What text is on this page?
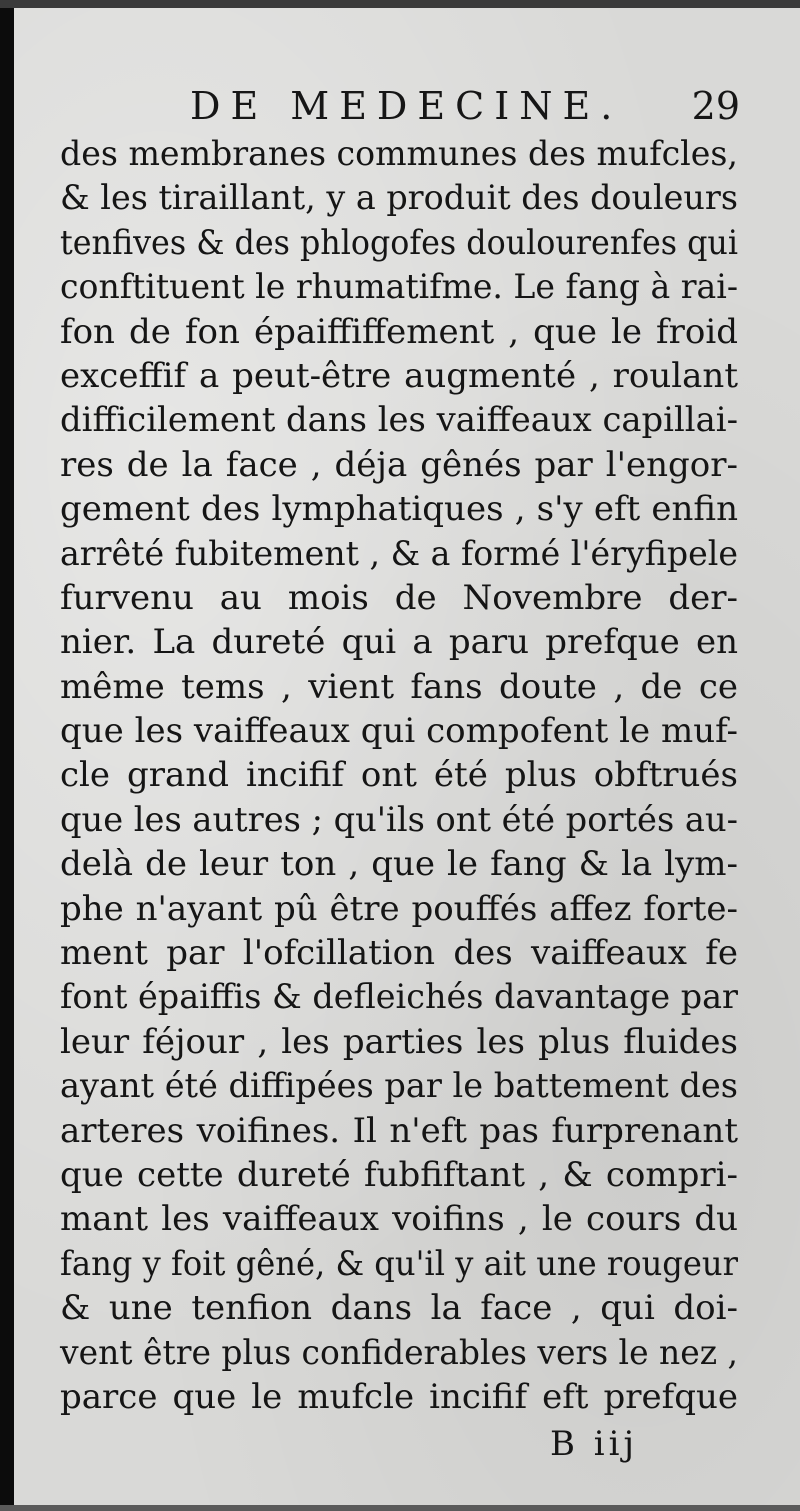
DE MEDECINE. 29
des membranes communes des mufcles,
& les tiraillant, y a produit des douleurs
tenfives & des phlogofes doulourenfes qui
conftituent le rhumatifme. Le fang à rai-
fon de fon épaiffiffement , que le froid
exceffif a peut-être augmenté , roulant
difficilement dans les vaiffeaux capillai-
res de la face , déja gênés par l'engor-
gement des lymphatiques , s'y eft enfin
arrêté fubitement , & a formé l'éryfipele
furvenu au mois de Novembre der-
nier. La dureté qui a paru prefque en
même tems , vient fans doute , de ce
que les vaiffeaux qui compofent le muf-
cle grand incifif ont été plus obftrués
que les autres ; qu'ils ont été portés au-
delà de leur ton , que le fang & la lym-
phe n'ayant pû être pouffés affez forte-
ment par l'ofcillation des vaiffeaux fe
font épaiffis & defleichés davantage par
leur féjour , les parties les plus fluides
ayant été diffipées par le battement des
arteres voifines. Il n'eft pas furprenant
que cette dureté fubfiftant , & compri-
mant les vaiffeaux voifins , le cours du
fang y foit gêné, & qu'il y ait une rougeur
& une tenfion dans la face , qui doi-
vent être plus confiderables vers le nez ,
parce que le mufcle incifif eft prefque
B iij
